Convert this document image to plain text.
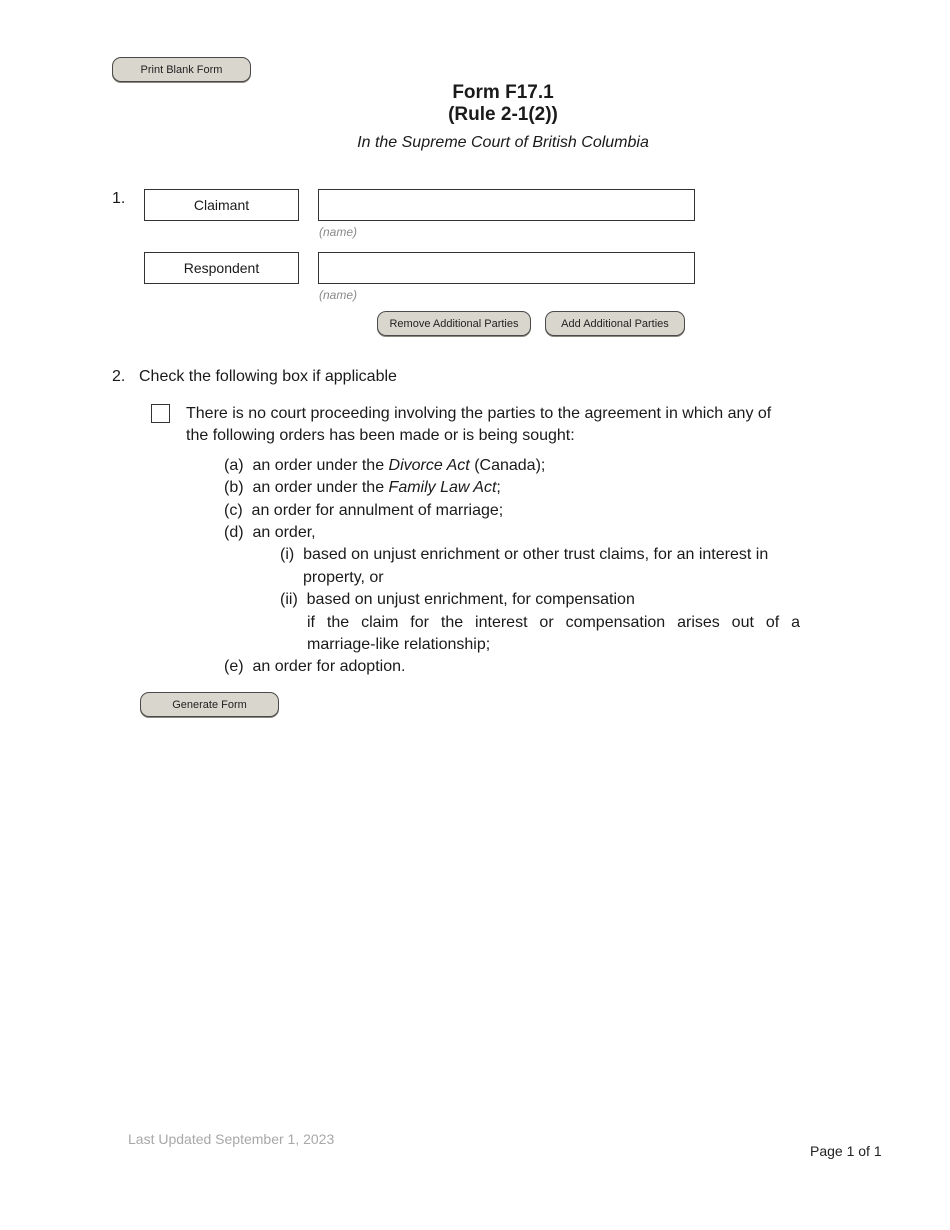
Print Blank Form
Form F17.1
(Rule 2-1(2))
In the Supreme Court of British Columbia
1.	Claimant
(name)
Respondent
(name)
Remove Additional Parties	Add Additional Parties
2. Check the following box if applicable
There is no court proceeding involving the parties to the agreement in which any of
the following orders has been made or is being sought:
(a)  an order under the Divorce Act (Canada);
(b)  an order under the Family Law Act;
(c)  an order for annulment of marriage;
(d)  an order,
(i)  based on unjust enrichment or other trust claims, for an interest in
property, or
(ii)  based on unjust enrichment, for compensation
if the claim for the interest or compensation arises out of a
marriage-like relationship;
(e)  an order for adoption.
Generate Form
Last Updated September 1, 2023
Page 1 of 1
